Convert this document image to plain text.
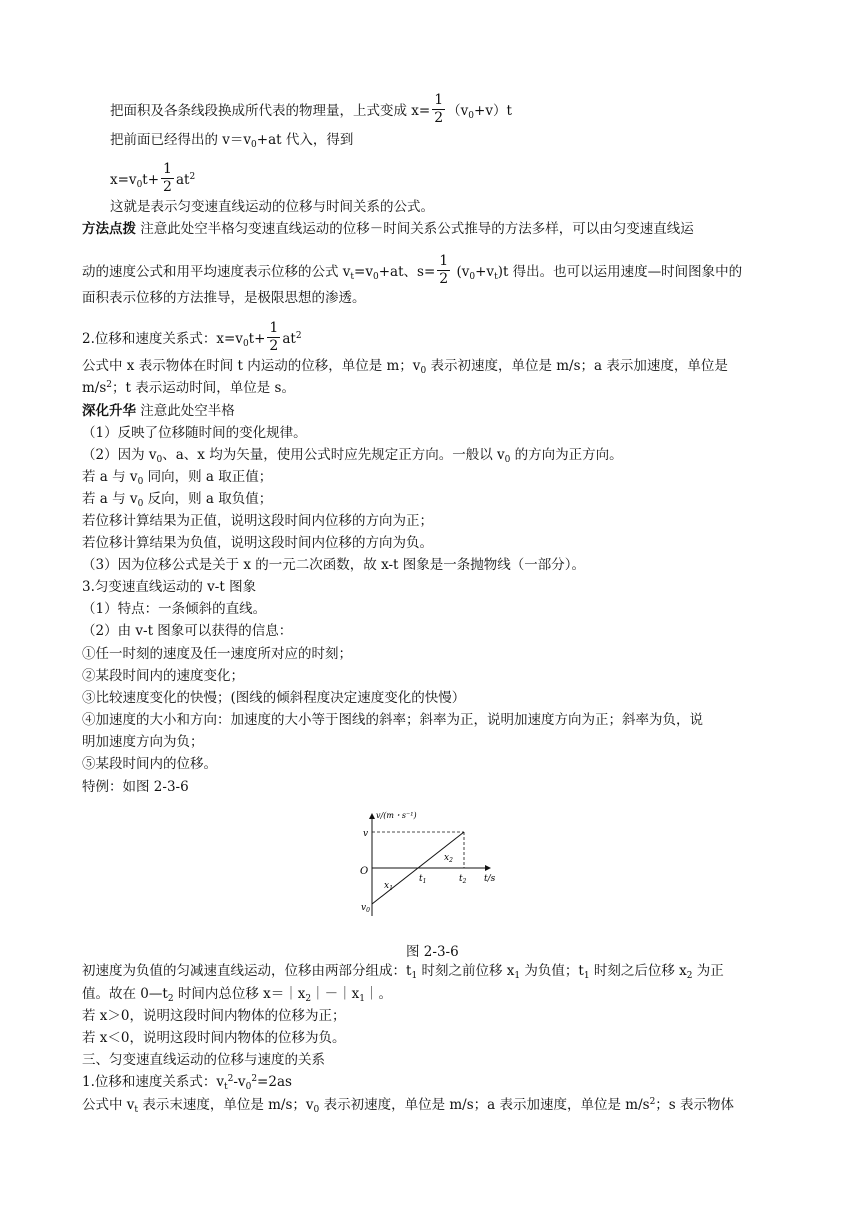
把面积及各条线段换成所代表的物理量，上式变成 $x= \frac{1}{2} (v_0+v)t$
把前面已经得出的 $v=v_0+at$ 代入，得到
$x=v_0t+ \frac{1}{2} at^2$
这就是表示匀变速直线运动的位移与时间关系的公式。
方法点拨 注意此处空半格匀变速直线运动的位移－时间关系公式推导的方法多样，可以由匀变速直线运
动的速度公式和用平均速度表示位移的公式 $v_t=v_0+at$、$s= \frac{1}{2} (v_0+v_t)t$ 得出。也可以运用速度—时间图象中的
面积表示位移的方法推导，是极限思想的渗透。
2.位移和速度关系式：$x=v_0t+ \frac{1}{2} at^2$
公式中 x 表示物体在时间 t 内运动的位移，单位是 m；$v_0$ 表示初速度，单位是 m/s；a 表示加速度，单位是
$m/s^2$；t 表示运动时间，单位是 s。
深化升华 注意此处空半格
（1）反映了位移随时间的变化规律。
（2）因为 $v_0$、a、x 均为矢量，使用公式时应先规定正方向。一般以 $v_0$ 的方向为正方向。
若 a 与 $v_0$ 同向，则 a 取正值；
若 a 与 $v_0$ 反向，则 a 取负值；
若位移计算结果为正值，说明这段时间内位移的方向为正；
若位移计算结果为负值，说明这段时间内位移的方向为负。
（3）因为位移公式是关于 x 的一元二次函数，故 x-t 图象是一条抛物线（一部分）。
3.匀变速直线运动的 v-t 图象
（1）特点：一条倾斜的直线。
（2）由 v-t 图象可以获得的信息：
①任一时刻的速度及任一速度所对应的时刻；
②某段时间内的速度变化；
③比较速度变化的快慢；(图线的倾斜程度决定速度变化的快慢）
④加速度的大小和方向：加速度的大小等于图线的斜率；斜率为正，说明加速度方向为正；斜率为负，说
明加速度方向为负；
⑤某段时间内的位移。
特例：如图 2-3-6
v/(m・s⁻¹)
t/s
O
v
$v_0$
$t_1$	$t_2$
$x_1$
$x_2$
图 2-3-6
初速度为负值的匀减速直线运动，位移由两部分组成：$t_1$ 时刻之前位移 $x_1$ 为负值；$t_1$ 时刻之后位移 $x_2$ 为正
值。故在 $0—t_2$ 时间内总位移 $x=|x_2|-|x_1|$。
若 x＞0，说明这段时间内物体的位移为正；
若 x＜0，说明这段时间内物体的位移为负。
三、匀变速直线运动的位移与速度的关系
1.位移和速度关系式：$v_t^2-v_0^2=2as$
公式中 $v_t$ 表示末速度，单位是 m/s；$v_0$ 表示初速度，单位是 m/s；a 表示加速度，单位是 $m/s^2$；s 表示物体
